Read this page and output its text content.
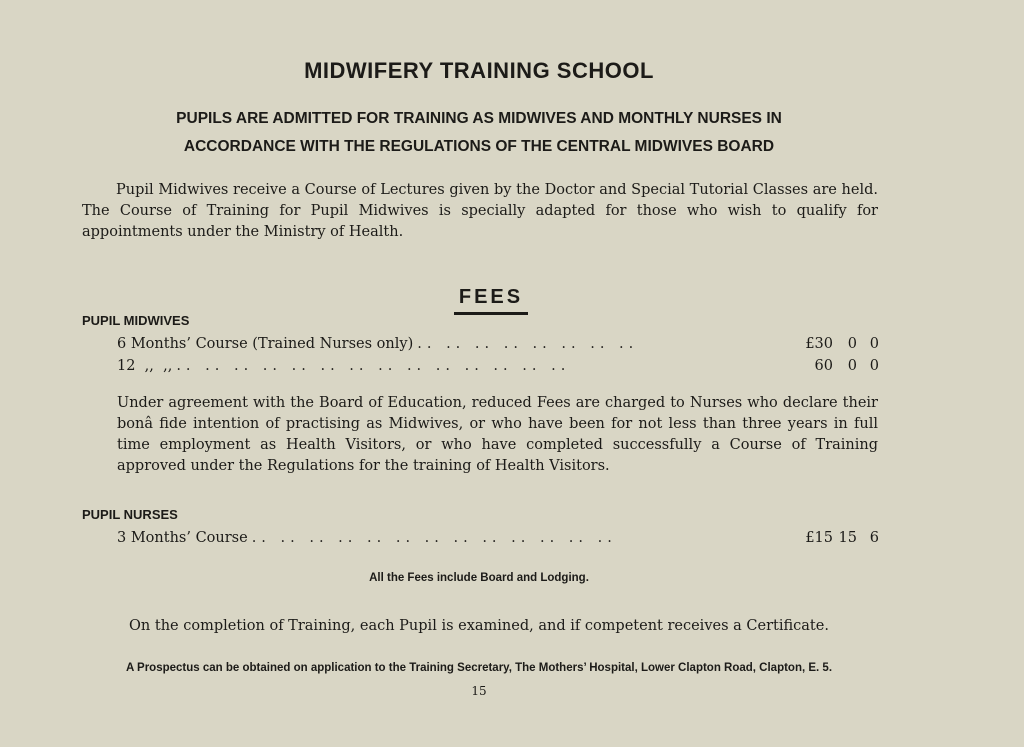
MIDWIFERY TRAINING SCHOOL
PUPILS ARE ADMITTED FOR TRAINING AS MIDWIVES AND MONTHLY NURSES IN
ACCORDANCE WITH THE REGULATIONS OF THE CENTRAL MIDWIVES BOARD
Pupil Midwives receive a Course of Lectures given by the Doctor and Special Tutorial Classes are held. The Course of Training for Pupil Midwives is specially adapted for those who wish to qualify for appointments under the Ministry of Health.
FEES
PUPIL MIDWIVES
6 Months’ Course (Trained Nurses only) .. .. .. .. .. .. .. ..	£30	0 0
12  ,,  ,, .. .. .. .. .. .. .. .. .. .. .. .. .. ..	60	0 0
Under agreement with the Board of Education, reduced Fees are charged to Nurses who declare their bonâ fide intention of practising as Midwives, or who have been for not less than three years in full time employment as Health Visitors, or who have completed successfully a Course of Training approved under the Regulations for the training of Health Visitors.
PUPIL NURSES
3 Months’ Course .. .. .. .. .. .. .. .. .. .. .. .. ..	£15 15 6
All the Fees include Board and Lodging.
On the completion of Training, each Pupil is examined, and if competent receives a Certificate.
A Prospectus can be obtained on application to the Training Secretary, The Mothers’ Hospital, Lower Clapton Road, Clapton, E. 5.
15
